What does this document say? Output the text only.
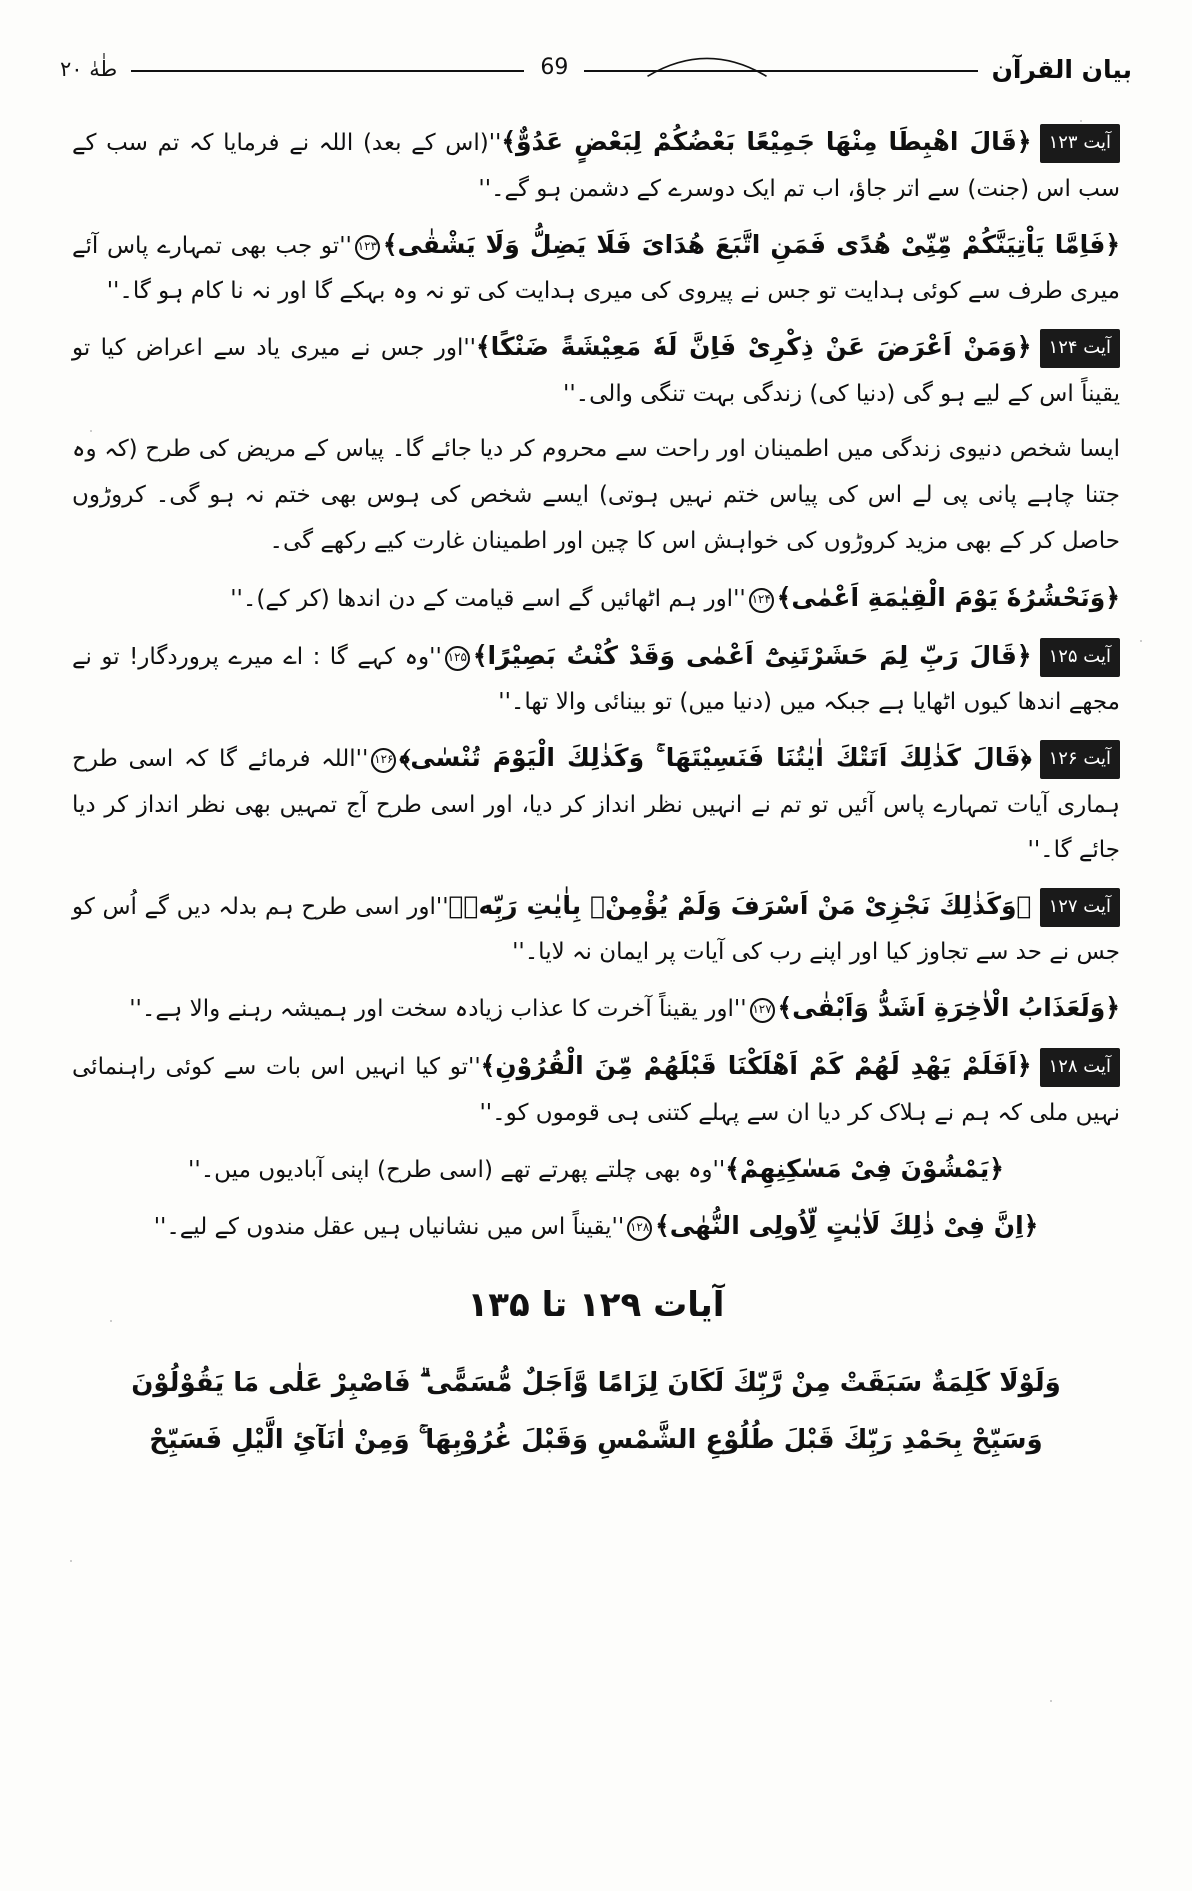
بيان القرآن
69
طٰهٰ ۲۰
آیت ۱۲۳﴿قَالَ اهْبِطَا مِنْهَا جَمِيْعًا بَعْضُكُمْ لِبَعْضٍ عَدُوٌّ﴾''(اس کے بعد) اللہ نے فرمایا کہ تم سب کے سب اس (جنت) سے اتر جاؤ، اب تم ایک دوسرے کے دشمن ہو گے۔''
﴿فَاِمَّا يَاْتِيَنَّكُمْ مِّنِّىْ هُدًى فَمَنِ اتَّبَعَ هُدَاىَ فَلَا يَضِلُّ وَلَا يَشْقٰى﴾۱۲۳''تو جب بھی تمہارے پاس آئے میری طرف سے کوئی ہدایت تو جس نے پیروی کی میری ہدایت کی تو نہ وہ بہکے گا اور نہ نا کام ہو گا۔''
آیت ۱۲۴﴿وَمَنْ اَعْرَضَ عَنْ ذِكْرِىْ فَاِنَّ لَهٗ مَعِيْشَةً ضَنْكًا﴾''اور جس نے میری یاد سے اعراض کیا تو یقیناً اس کے لیے ہو گی (دنیا کی) زندگی بہت تنگی والی۔''
ایسا شخص دنیوی زندگی میں اطمینان اور راحت سے محروم کر دیا جائے گا۔ پیاس کے مریض کی طرح (کہ وہ جتنا چاہے پانی پی لے اس کی پیاس ختم نہیں ہوتی) ایسے شخص کی ہوس بھی ختم نہ ہو گی۔ کروڑوں حاصل کر کے بھی مزید کروڑوں کی خواہش اس کا چین اور اطمینان غارت کیے رکھے گی۔
﴿وَنَحْشُرُهٗ يَوْمَ الْقِيٰمَةِ اَعْمٰى﴾۱۲۴''اور ہم اٹھائیں گے اسے قیامت کے دن اندھا (کر کے)۔''
آیت ۱۲۵﴿قَالَ رَبِّ لِمَ حَشَرْتَنِىْٓ اَعْمٰى وَقَدْ كُنْتُ بَصِيْرًا﴾۱۲۵''وہ کہے گا : اے میرے پروردگار! تو نے مجھے اندھا کیوں اٹھایا ہے جبکہ میں (دنیا میں) تو بینائی والا تھا۔''
آیت ۱۲۶﴿قَالَ كَذٰلِكَ اَتَتْكَ اٰيٰتُنَا فَنَسِيْتَهَا ۚ وَكَذٰلِكَ الْيَوْمَ تُنْسٰى﴾۱۲۶''اللہ فرمائے گا کہ اسی طرح ہماری آیات تمہارے پاس آئیں تو تم نے انہیں نظر انداز کر دیا، اور اسی طرح آج تمہیں بھی نظر انداز کر دیا جائے گا۔''
آیت ۱۲۷﴿وَكَذٰلِكَ نَجْزِىْ مَنْ اَسْرَفَ وَلَمْ يُؤْمِنْۢ بِاٰيٰتِ رَبِّهٖ﴾''اور اسی طرح ہم بدلہ دیں گے اُس کو جس نے حد سے تجاوز کیا اور اپنے رب کی آیات پر ایمان نہ لایا۔''
﴿وَلَعَذَابُ الْاٰخِرَةِ اَشَدُّ وَاَبْقٰى﴾۱۲۷''اور یقیناً آخرت کا عذاب زیادہ سخت اور ہمیشہ رہنے والا ہے۔''
آیت ۱۲۸﴿اَفَلَمْ يَهْدِ لَهُمْ كَمْ اَهْلَكْنَا قَبْلَهُمْ مِّنَ الْقُرُوْنِ﴾''تو کیا انہیں اس بات سے کوئی راہنمائی نہیں ملی کہ ہم نے ہلاک کر دیا ان سے پہلے کتنی ہی قوموں کو۔''
﴿يَمْشُوْنَ فِىْ مَسٰكِنِهِمْ﴾''وہ بھی چلتے پھرتے تھے (اسی طرح) اپنی آبادیوں میں۔''
﴿اِنَّ فِىْ ذٰلِكَ لَاٰيٰتٍ لِّاُولِى النُّهٰى﴾۱۲۸''یقیناً اس میں نشانیاں ہیں عقل مندوں کے لیے۔''
آیات ۱۲۹ تا ۱۳۵
وَلَوْلَا كَلِمَةٌ سَبَقَتْ مِنْ رَّبِّكَ لَكَانَ لِزَامًا وَّاَجَلٌ مُّسَمًّى ۗ فَاصْبِرْ عَلٰى مَا يَقُوْلُوْنَ
وَسَبِّحْ بِحَمْدِ رَبِّكَ قَبْلَ طُلُوْعِ الشَّمْسِ وَقَبْلَ غُرُوْبِهَا ۚ وَمِنْ اٰنَآئِ الَّيْلِ فَسَبِّحْ
